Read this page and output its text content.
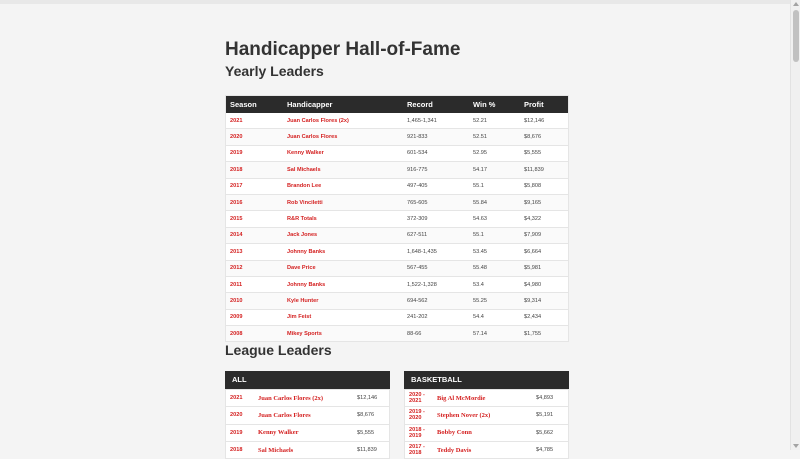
Handicapper Hall-of-Fame
Yearly Leaders
Season	Handicapper	Record	Win %	Profit
2021	Juan Carlos Flores (2x)	1,465-1,341	52.21	$12,146
2020	Juan Carlos Flores	921-833	52.51	$8,676
2019	Kenny Walker	601-534	52.95	$5,555
2018	Sal Michaels	916-775	54.17	$11,839
2017	Brandon Lee	497-405	55.1	$5,808
2016	Rob Vinciletti	765-605	55.84	$9,165
2015	R&R Totals	372-309	54.63	$4,322
2014	Jack Jones	627-511	55.1	$7,909
2013	Johnny Banks	1,648-1,435	53.45	$6,664
2012	Dave Price	567-455	55.48	$5,981
2011	Johnny Banks	1,522-1,328	53.4	$4,980
2010	Kyle Hunter	694-562	55.25	$9,314
2009	Jim Feist	241-202	54.4	$2,434
2008	Mikey Sports	88-66	57.14	$1,755
League Leaders
ALL
2021	Juan Carlos Flores (2x)	$12,146
2020	Juan Carlos Flores	$8,676
2019	Kenny Walker	$5,555
2018	Sal Michaels	$11,839
BASKETBALL
2020 - 2021	Big Al McMordie	$4,893
2019 - 2020	Stephen Nover (2x)	$5,191
2018 - 2019	Bobby Conn	$5,662
2017 - 2018	Teddy Davis	$4,785
